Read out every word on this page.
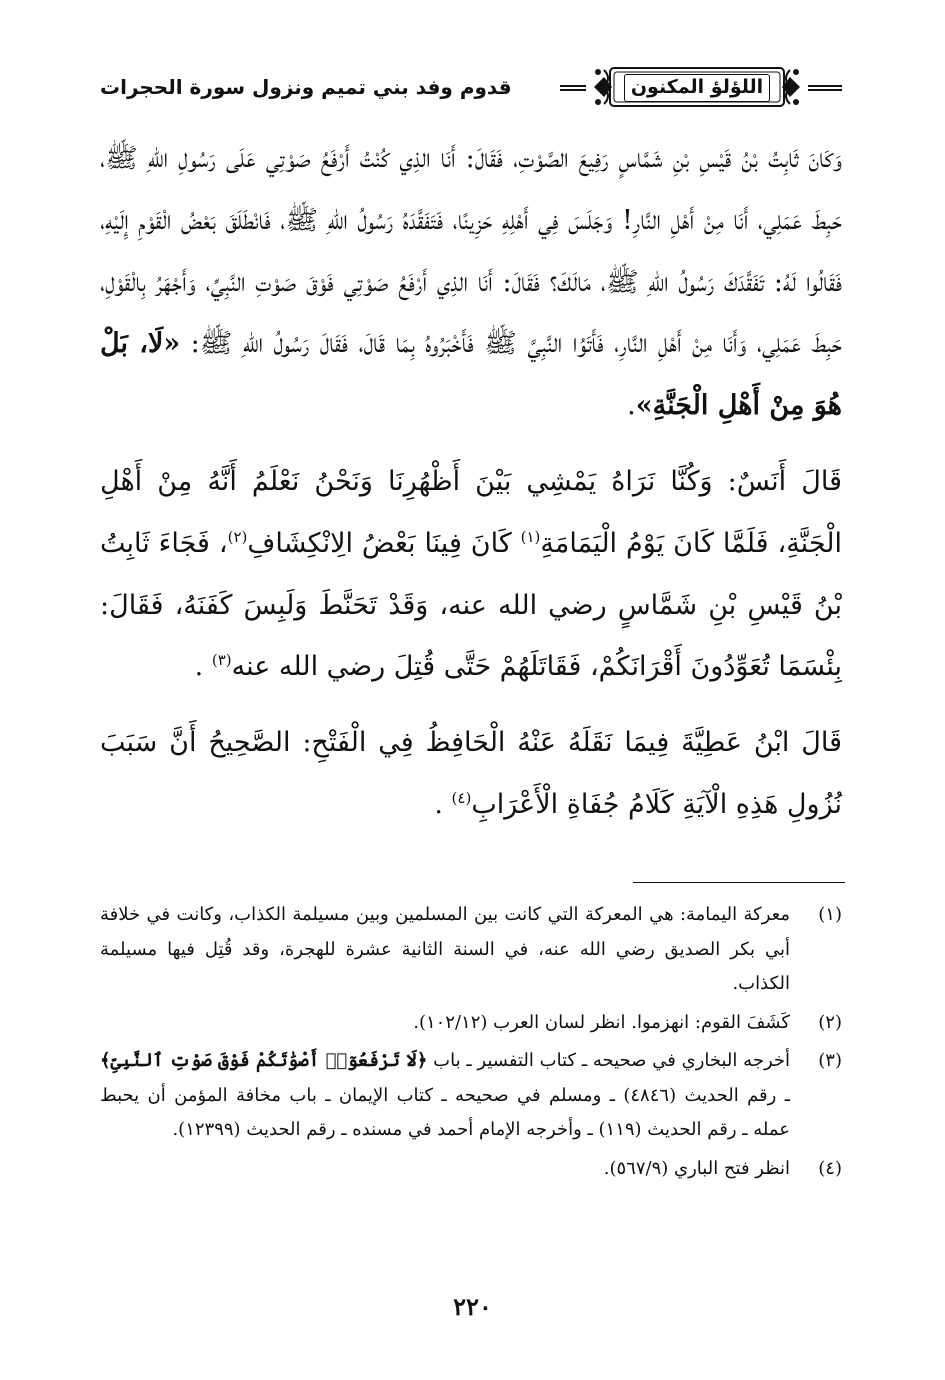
اللؤلؤ المكنون
قدوم وفد بني تميم ونزول سورة الحجرات

وَكَانَ ثَابِتُ بْنُ قَيْسِ بْنِ شَمَّاسٍ رَفِيعَ الصَّوْتِ، فَقَالَ: أَنَا الذِي كُنْتُ أَرْفَعُ صَوْتِي عَلَى رَسُولِ اللهِ ﷺ، حَبِطَ عَمَلِي، أَنَا مِنْ أَهْلِ النَّارِ! وَجَلَسَ فِي أَهْلِهِ حَزِينًا، فَتَفَقَّدَهُ رَسُولُ اللهِ ﷺ، فَانْطَلَقَ بَعْضُ الْقَوْمِ إِلَيْهِ، فَقَالُوا لَهُ: تَفَقَّدَكَ رَسُولُ اللهِ ﷺ، مَالَكَ؟ فَقَالَ: أَنَا الذِي أَرْفَعُ صَوْتِي فَوْقَ صَوْتِ النَّبِيِّ، وَأَجْهَرُ بِالْقَوْلِ، حَبِطَ عَمَلِي، وَأَنَا مِنْ أَهْلِ النَّارِ، فَأَتَوُا النَّبِيَّ ﷺ فَأَخْبَرُوهُ بِمَا قَالَ، فَقَالَ رَسُولُ اللهِ ﷺ: «لَا، بَلْ هُوَ مِنْ أَهْلِ الْجَنَّةِ».

قَالَ أَنَسٌ: وَكُنَّا نَرَاهُ يَمْشِي بَيْنَ أَظْهُرِنَا وَنَحْنُ نَعْلَمُ أَنَّهُ مِنْ أَهْلِ الْجَنَّةِ، فَلَمَّا كَانَ يَوْمُ الْيَمَامَةِ$^{(١)}$ كَانَ فِينَا بَعْضُ الِانْكِشَافِ$^{(٢)}$، فَجَاءَ ثَابِتُ بْنُ قَيْسِ بْنِ شَمَّاسٍ رضي الله عنه، وَقَدْ تَحَنَّطَ وَلَبِسَ كَفَنَهُ، فَقَالَ: بِئْسَمَا تُعَوِّدُونَ أَقْرَانَكُمْ، فَقَاتَلَهُمْ حَتَّى قُتِلَ رضي الله عنه$^{(٣)}$ .

قَالَ ابْنُ عَطِيَّةَ فِيمَا نَقَلَهُ عَنْهُ الْحَافِظُ فِي الْفَتْحِ: الصَّحِيحُ أَنَّ سَبَبَ نُزُولِ هَذِهِ الْآيَةِ كَلَامُ جُفَاةِ الْأَعْرَابِ$^{(٤)}$ .

(١)
معركة اليمامة: هي المعركة التي كانت بين المسلمين وبين مسيلمة الكذاب، وكانت في خلافة أبي بكر الصديق رضي الله عنه، في السنة الثانية عشرة للهجرة، وقد قُتِل فيها مسيلمة الكذاب.
(٢)
كَشَفَ القوم: انهزموا. انظر لسان العرب (١٠٢/١٢).
(٣)
أخرجه البخاري في صحيحه ـ كتاب التفسير ـ باب ﴿لَا تَرْفَعُوٓا۟ أَصْوَٰتَكُمْ فَوْقَ صَوْتِ ٱلنَّبِىِّ﴾ ـ رقم الحديث (٤٨٤٦) ـ ومسلم في صحيحه ـ كتاب الإيمان ـ باب مخافة المؤمن أن يحبط عمله ـ رقم الحديث (١١٩) ـ وأخرجه الإمام أحمد في مسنده ـ رقم الحديث (١٢٣٩٩).
(٤)
انظر فتح الباري (٥٦٧/٩).
٢٢٠
